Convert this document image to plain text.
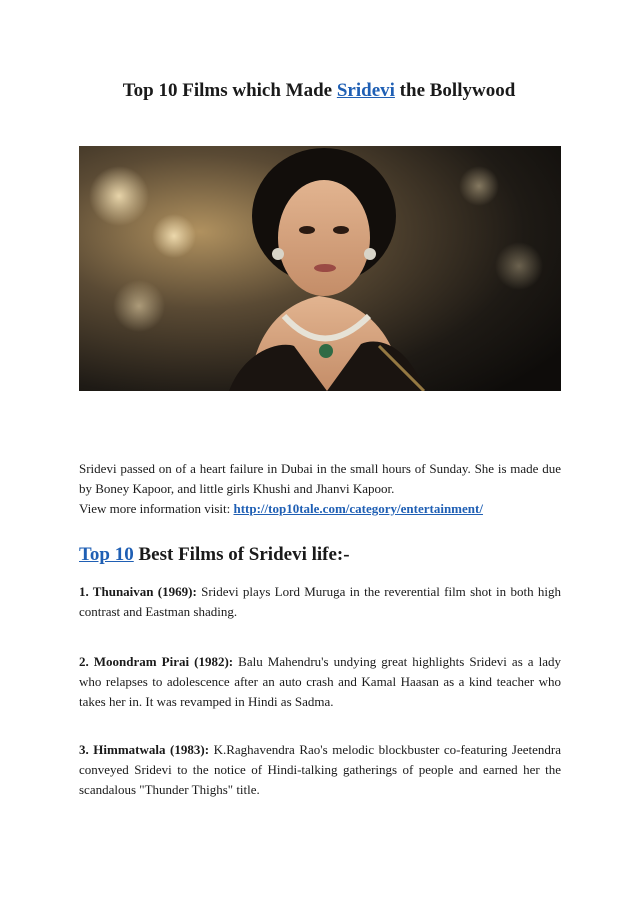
Top 10 Films which Made Sridevi the Bollywood
Sridevi passed on of a heart failure in Dubai in the small hours of Sunday. She is made due by Boney Kapoor, and little girls Khushi and Jhanvi Kapoor.
View more information visit: http://top10tale.com/category/entertainment/
Top 10 Best Films of Sridevi life:-
1. Thunaivan (1969): Sridevi plays Lord Muruga in the reverential film shot in both high contrast and Eastman shading.
2. Moondram Pirai (1982): Balu Mahendru's undying great highlights Sridevi as a lady who relapses to adolescence after an auto crash and Kamal Haasan as a kind teacher who takes her in. It was revamped in Hindi as Sadma.
3. Himmatwala (1983): K.Raghavendra Rao's melodic blockbuster co-featuring Jeetendra conveyed Sridevi to the notice of Hindi-talking gatherings of people and earned her the scandalous "Thunder Thighs" title.
